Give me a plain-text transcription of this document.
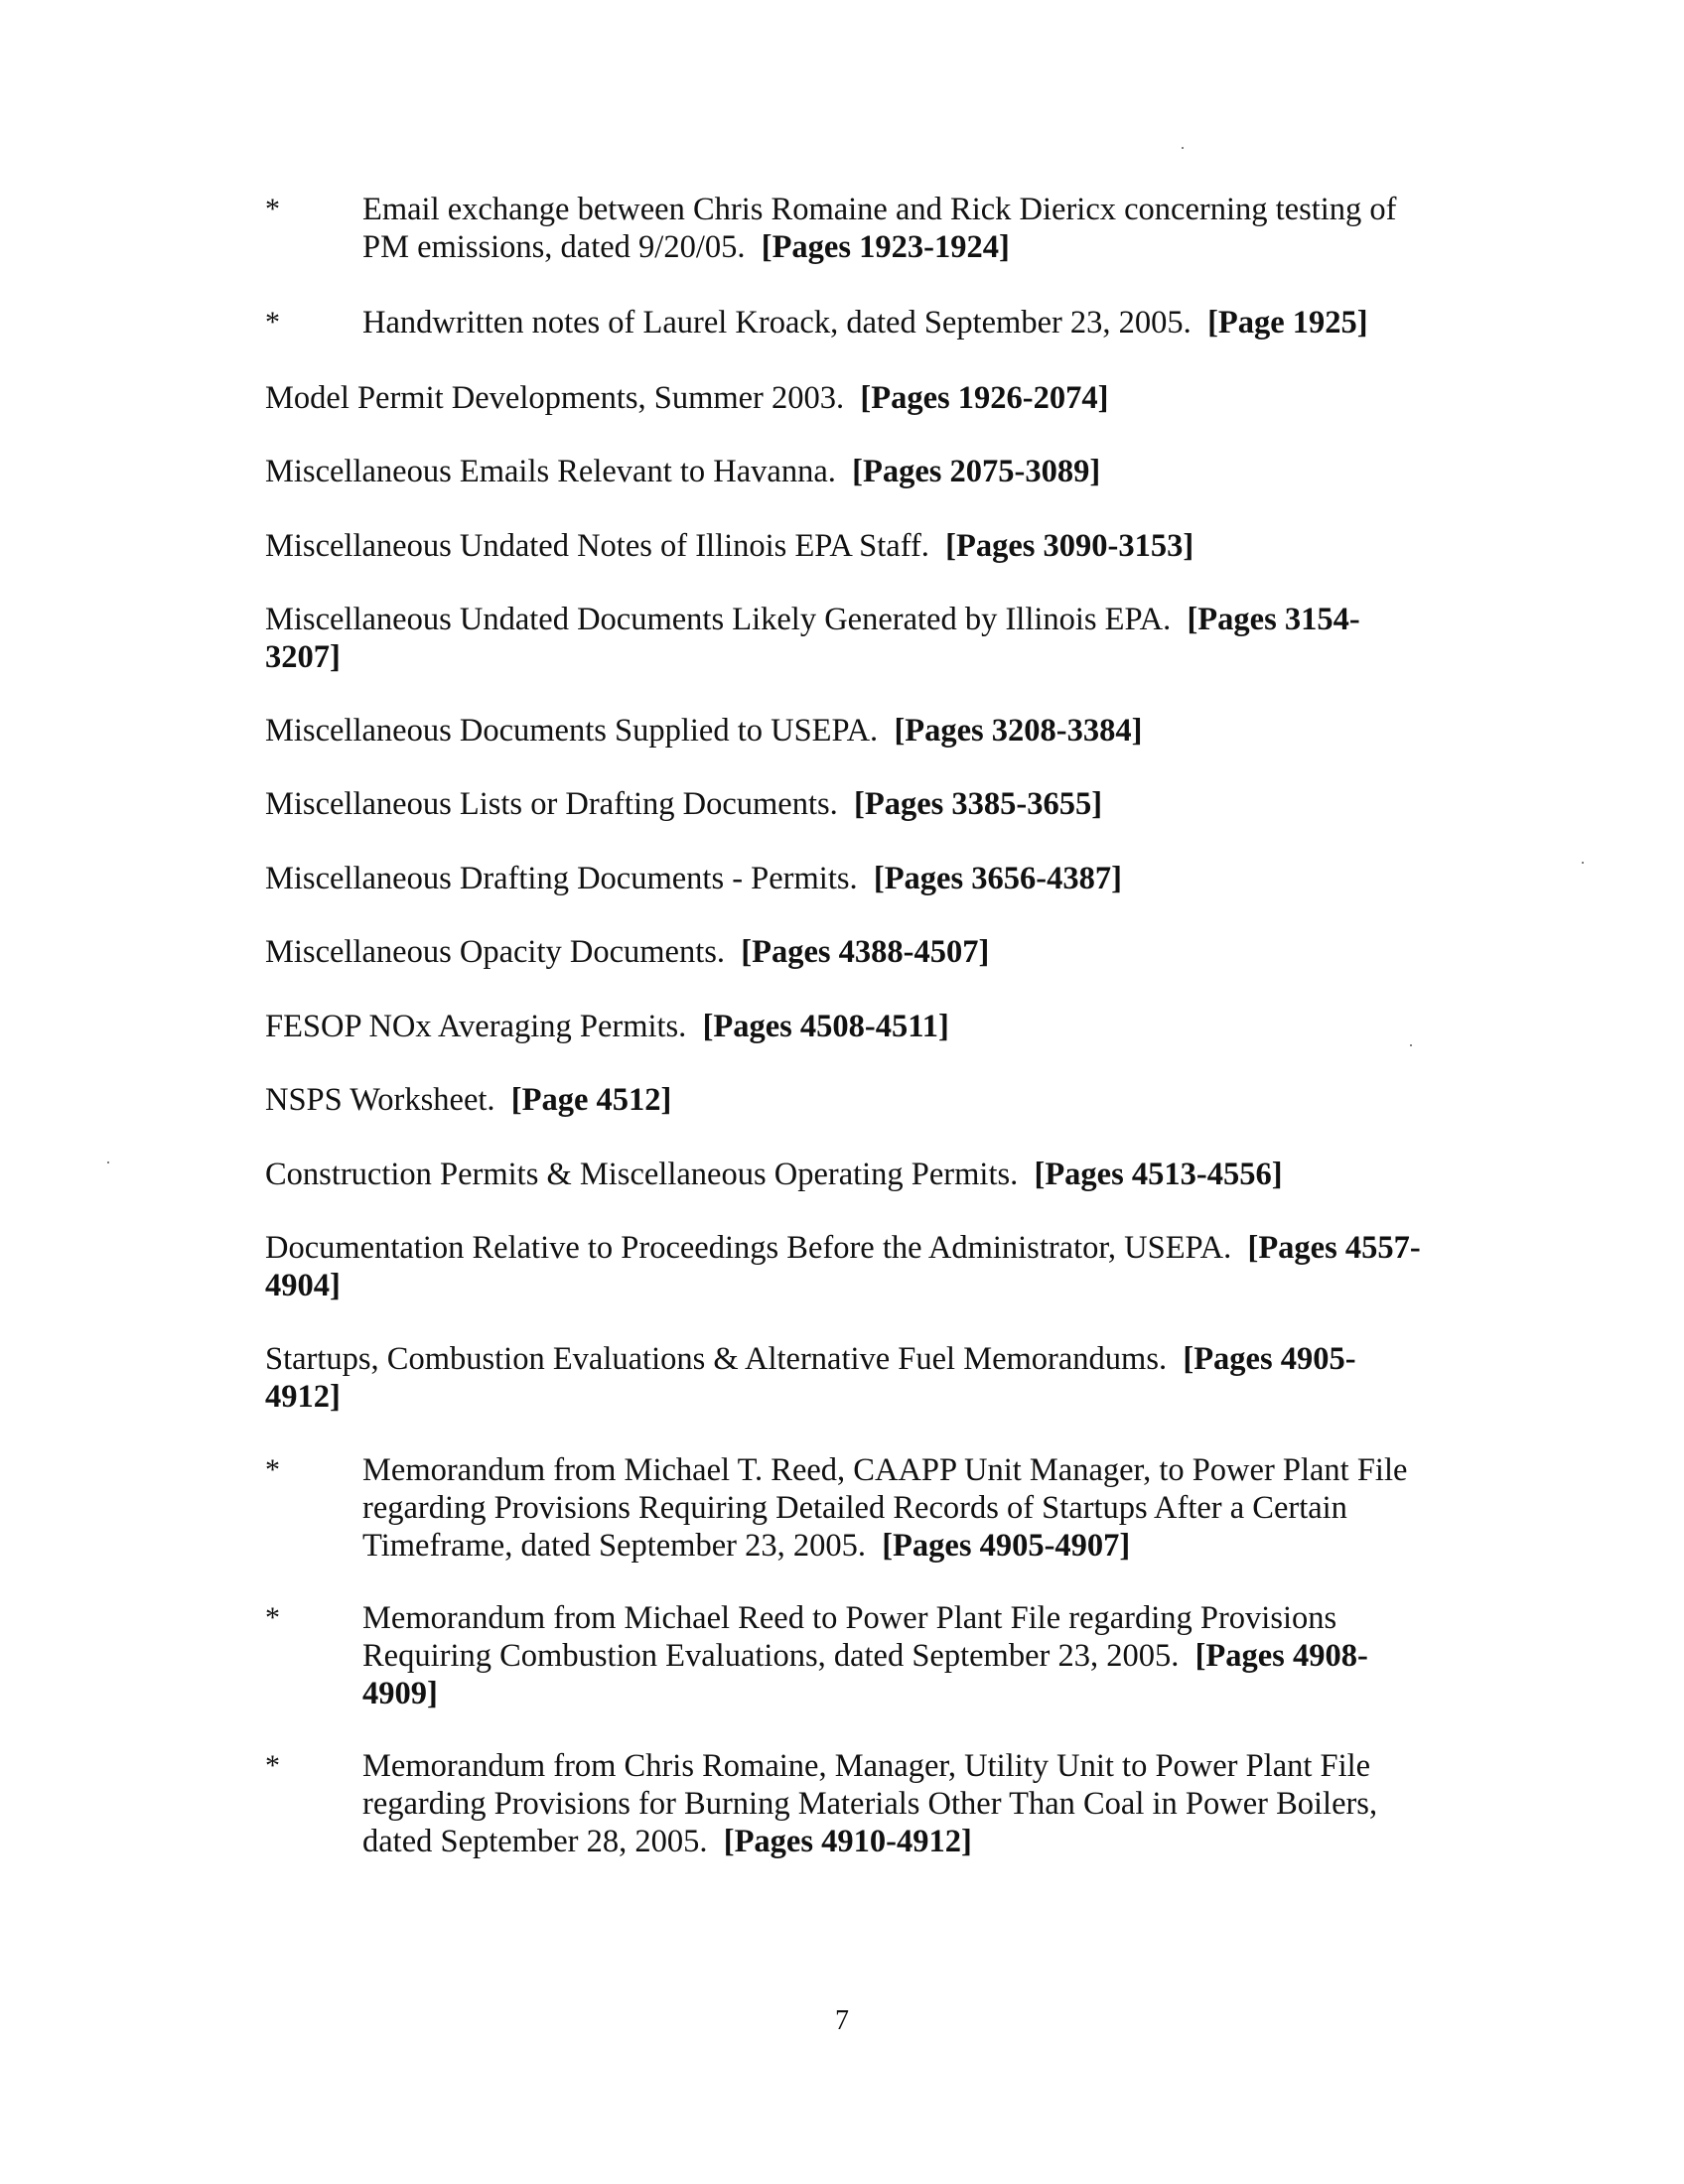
*	Email exchange between Chris Romaine and Rick Diericx concerning testing of PM emissions, dated 9/20/05. [Pages 1923-1924]
*	Handwritten notes of Laurel Kroack, dated September 23, 2005. [Page 1925]
Model Permit Developments, Summer 2003. [Pages 1926-2074]
Miscellaneous Emails Relevant to Havanna. [Pages 2075-3089]
Miscellaneous Undated Notes of Illinois EPA Staff. [Pages 3090-3153]
Miscellaneous Undated Documents Likely Generated by Illinois EPA. [Pages 3154-3207]
Miscellaneous Documents Supplied to USEPA. [Pages 3208-3384]
Miscellaneous Lists or Drafting Documents. [Pages 3385-3655]
Miscellaneous Drafting Documents - Permits. [Pages 3656-4387]
Miscellaneous Opacity Documents. [Pages 4388-4507]
FESOP NOx Averaging Permits. [Pages 4508-4511]
NSPS Worksheet. [Page 4512]
Construction Permits & Miscellaneous Operating Permits. [Pages 4513-4556]
Documentation Relative to Proceedings Before the Administrator, USEPA. [Pages 4557-4904]
Startups, Combustion Evaluations & Alternative Fuel Memorandums. [Pages 4905-4912]
*	Memorandum from Michael T. Reed, CAAPP Unit Manager, to Power Plant File regarding Provisions Requiring Detailed Records of Startups After a Certain Timeframe, dated September 23, 2005. [Pages 4905-4907]
*	Memorandum from Michael Reed to Power Plant File regarding Provisions Requiring Combustion Evaluations, dated September 23, 2005. [Pages 4908-4909]
*	Memorandum from Chris Romaine, Manager, Utility Unit to Power Plant File regarding Provisions for Burning Materials Other Than Coal in Power Boilers, dated September 28, 2005. [Pages 4910-4912]
7
